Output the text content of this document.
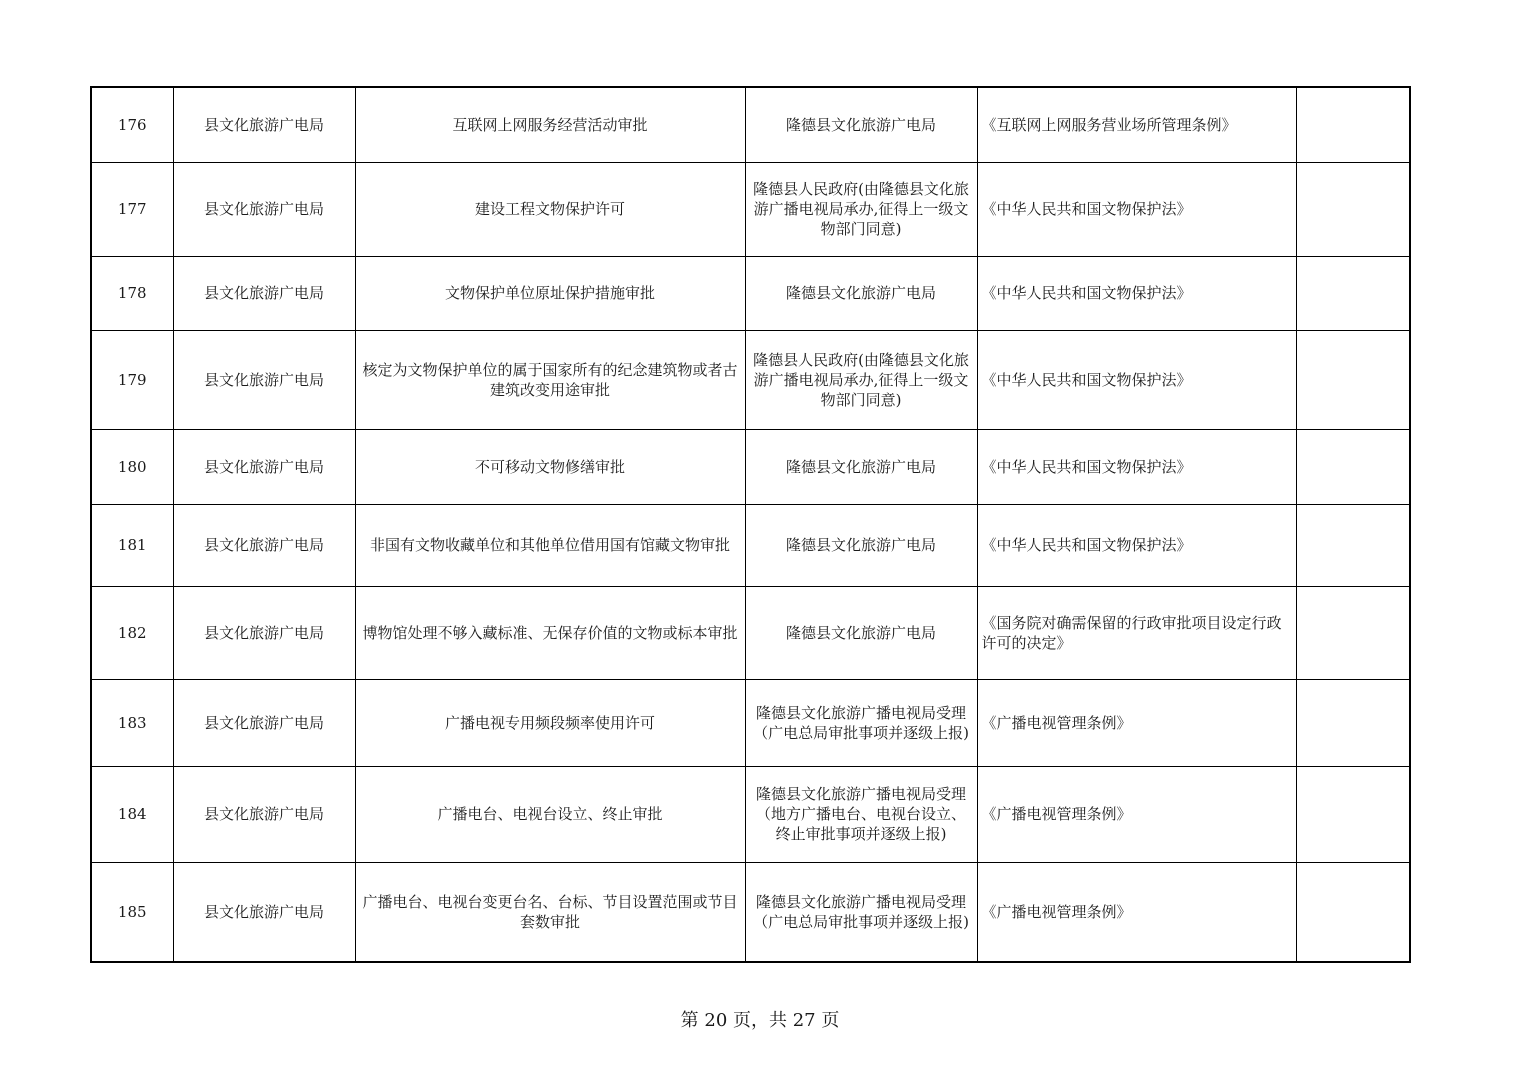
176	县文化旅游广电局	互联网上网服务经营活动审批	隆德县文化旅游广电局	《互联网上网服务营业场所管理条例》	
177	县文化旅游广电局	建设工程文物保护许可	隆德县人民政府(由隆德县文化旅游广播电视局承办,征得上一级文物部门同意)	《中华人民共和国文物保护法》	
178	县文化旅游广电局	文物保护单位原址保护措施审批	隆德县文化旅游广电局	《中华人民共和国文物保护法》	
179	县文化旅游广电局	核定为文物保护单位的属于国家所有的纪念建筑物或者古建筑改变用途审批	隆德县人民政府(由隆德县文化旅游广播电视局承办,征得上一级文物部门同意)	《中华人民共和国文物保护法》	
180	县文化旅游广电局	不可移动文物修缮审批	隆德县文化旅游广电局	《中华人民共和国文物保护法》	
181	县文化旅游广电局	非国有文物收藏单位和其他单位借用国有馆藏文物审批	隆德县文化旅游广电局	《中华人民共和国文物保护法》	
182	县文化旅游广电局	博物馆处理不够入藏标准、无保存价值的文物或标本审批	隆德县文化旅游广电局	《国务院对确需保留的行政审批项目设定行政许可的决定》	
183	县文化旅游广电局	广播电视专用频段频率使用许可	隆德县文化旅游广播电视局受理（广电总局审批事项并逐级上报)	《广播电视管理条例》	
184	县文化旅游广电局	广播电台、电视台设立、终止审批	隆德县文化旅游广播电视局受理（地方广播电台、电视台设立、终止审批事项并逐级上报)	《广播电视管理条例》	
185	县文化旅游广电局	广播电台、电视台变更台名、台标、节目设置范围或节目套数审批	隆德县文化旅游广播电视局受理（广电总局审批事项并逐级上报)	《广播电视管理条例》	
第 20 页，共 27 页
